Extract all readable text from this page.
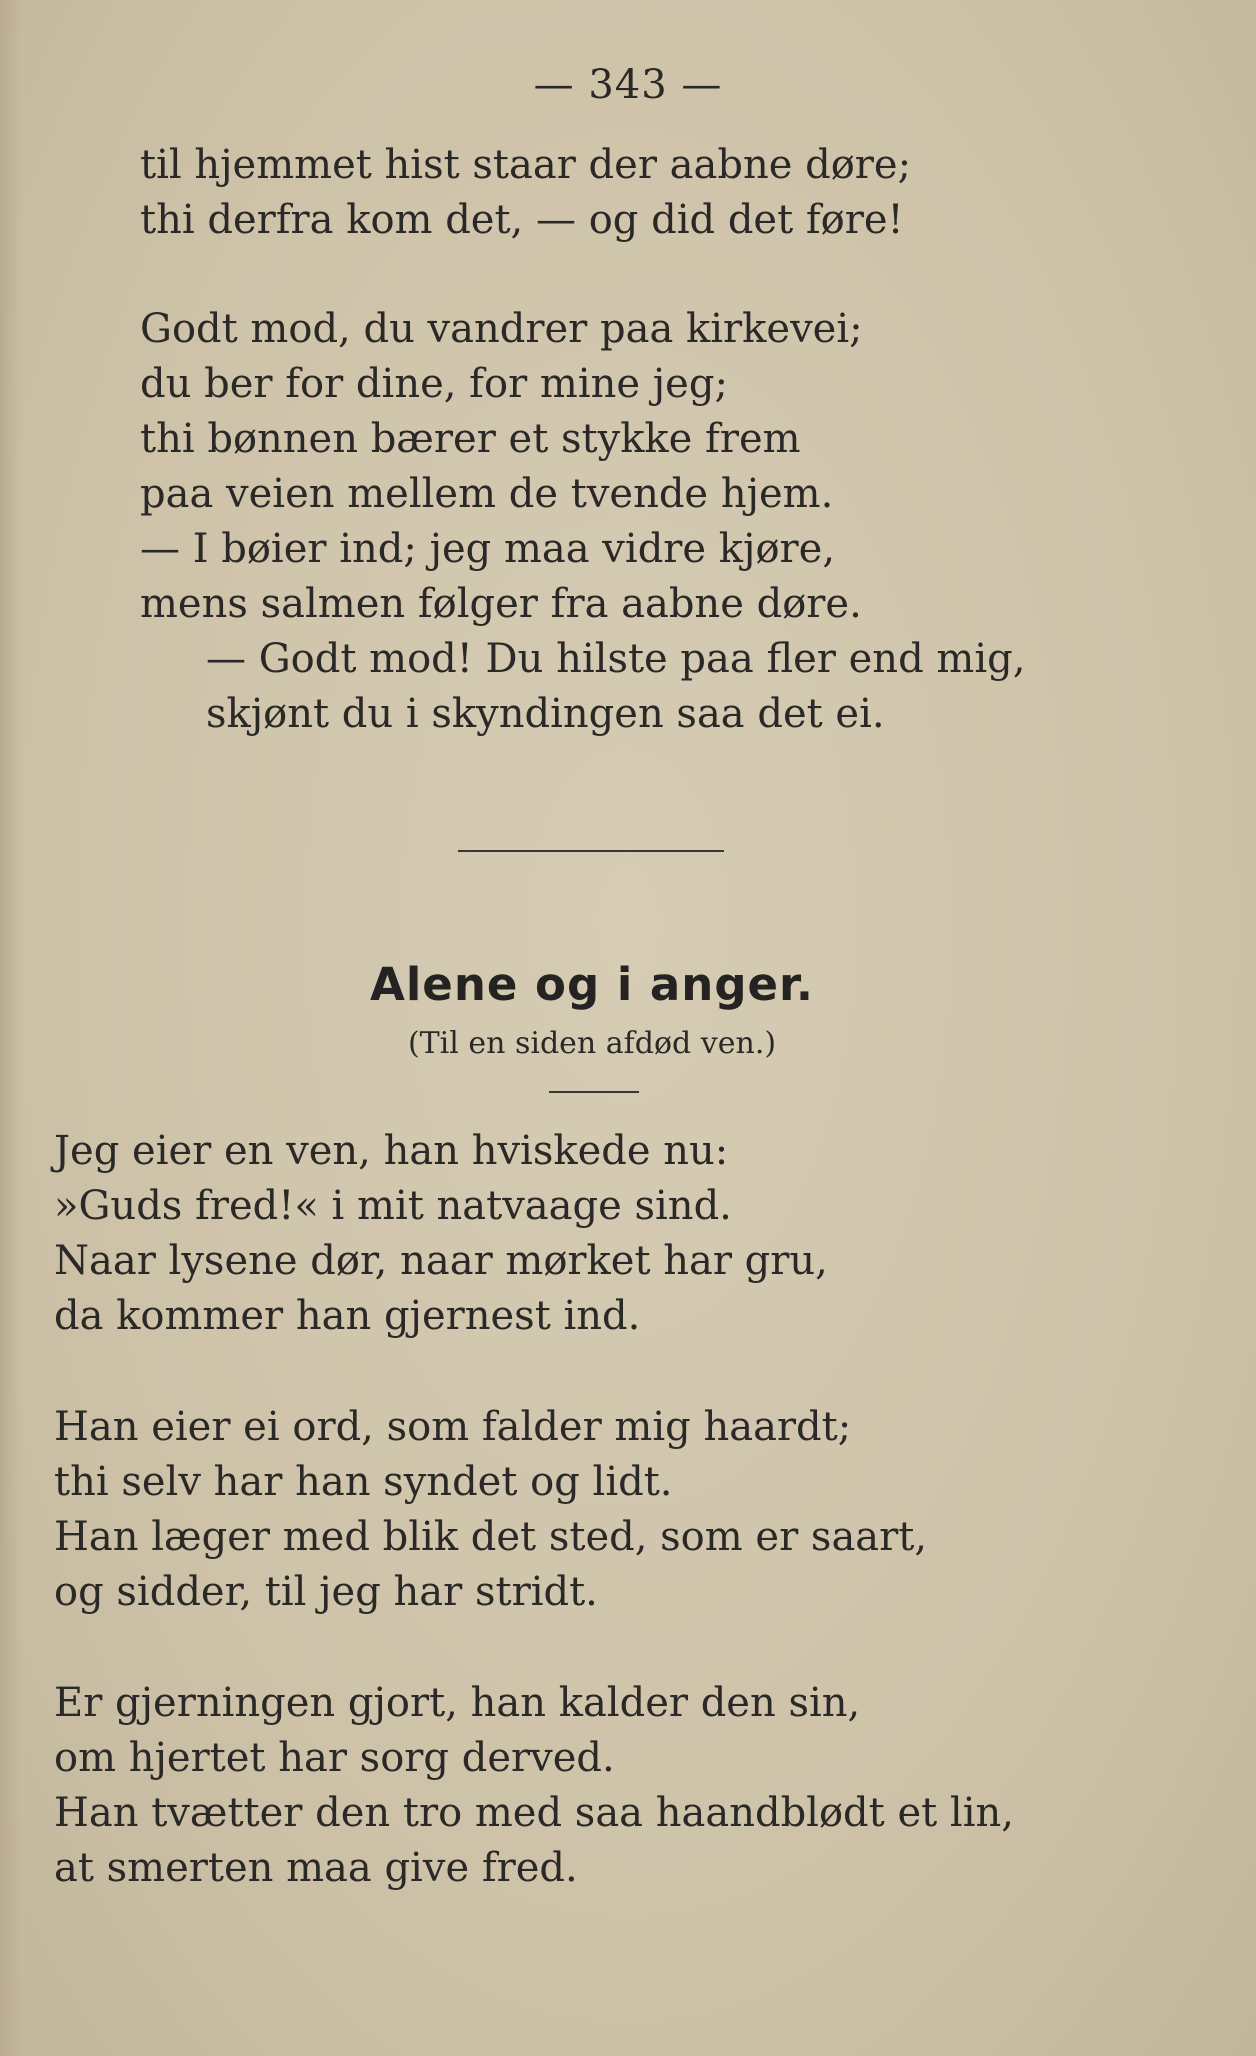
— 343 —
til hjemmet hist staar der aabne døre;
thi derfra kom det, — og did det føre!
Godt mod, du vandrer paa kirkevei;
du ber for dine, for mine jeg;
thi bønnen bærer et stykke frem
paa veien mellem de tvende hjem.
— I bøier ind; jeg maa vidre kjøre,
mens salmen følger fra aabne døre.
— Godt mod! Du hilste paa fler end mig,
skjønt du i skyndingen saa det ei.
Alene og i anger.
(Til en siden afdød ven.)
Jeg eier en ven, han hviskede nu:
»Guds fred!« i mit natvaage sind.
Naar lysene dør, naar mørket har gru,
da kommer han gjernest ind.
Han eier ei ord, som falder mig haardt;
thi selv har han syndet og lidt.
Han læger med blik det sted, som er saart,
og sidder, til jeg har stridt.
Er gjerningen gjort, han kalder den sin,
om hjertet har sorg derved.
Han tvætter den tro med saa haandblødt et lin,
at smerten maa give fred.
